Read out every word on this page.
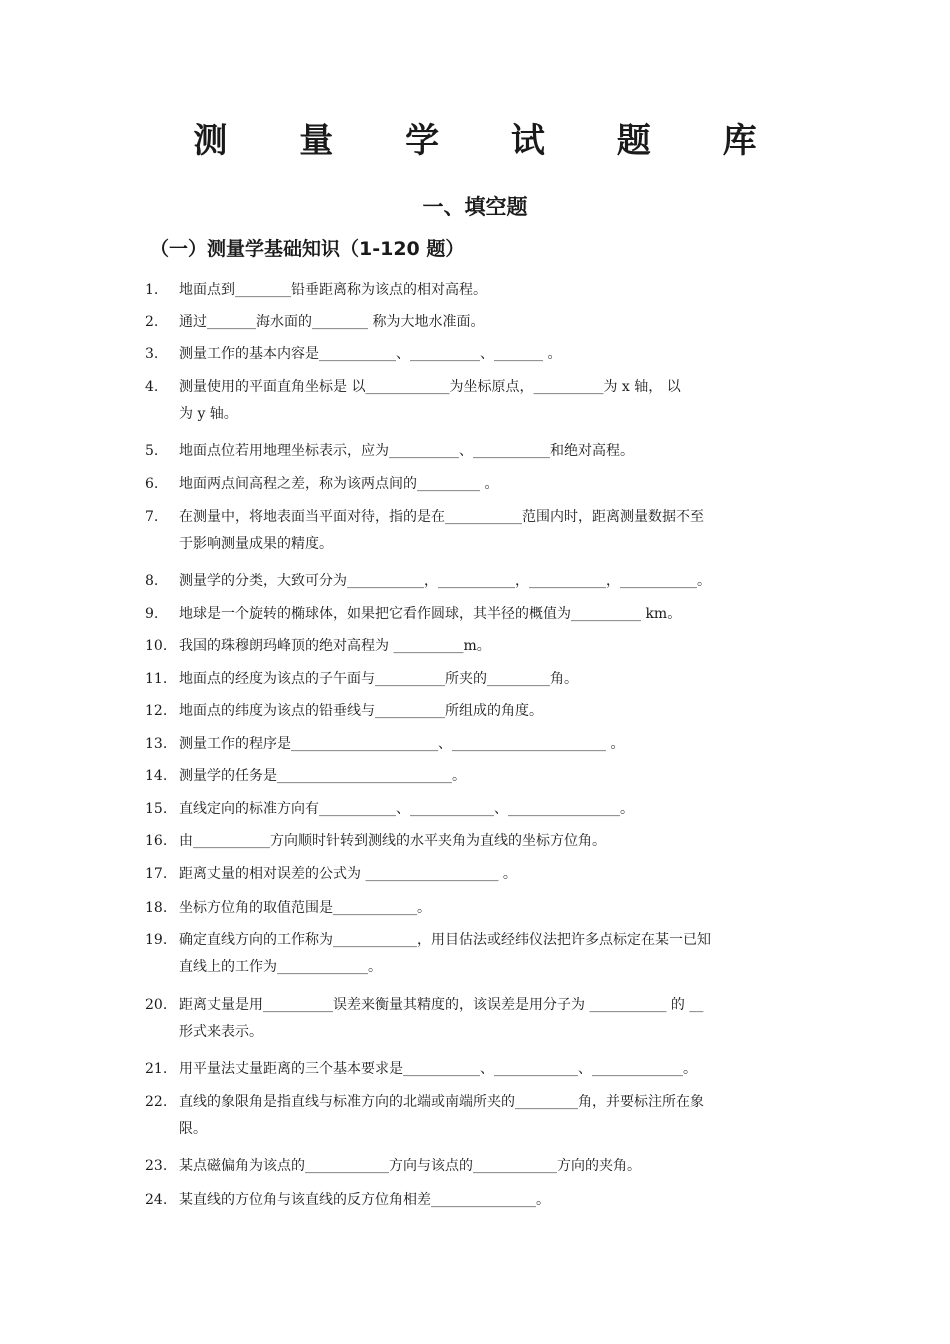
测 量 学 试 题 库
一、填空题
（一）测量学基础知识（1-120 题）
1.	地面点到________铅垂距离称为该点的相对高程。
2.	通过_______海水面的________ 称为大地水准面。
3.	测量工作的基本内容是___________、__________、_______ 。
4.	测量使用的平面直角坐标是 以____________为坐标原点，__________为 x 轴， 以
为 y 轴。
5.	地面点位若用地理坐标表示，应为__________、___________和绝对高程。
6.	地面两点间高程之差，称为该两点间的_________ 。
7.	在测量中，将地表面当平面对待，指的是在___________范围内时，距离测量数据不至
于影响测量成果的精度。
8.	测量学的分类，大致可分为___________，___________，___________，___________。
9.	地球是一个旋转的椭球体，如果把它看作圆球，其半径的概值为__________ km。
10. 我国的珠穆朗玛峰顶的绝对高程为 __________m。
11. 地面点的经度为该点的子午面与__________所夹的_________角。
12. 地面点的纬度为该点的铅垂线与__________所组成的角度。
13. 测量工作的程序是_____________________、______________________ 。
14. 测量学的任务是_________________________。
15. 直线定向的标准方向有___________、____________、________________。
16. 由___________方向顺时针转到测线的水平夹角为直线的坐标方位角。
17. 距离丈量的相对误差的公式为 ___________________ 。
18. 坐标方位角的取值范围是____________。
19. 确定直线方向的工作称为____________，用目估法或经纬仪法把许多点标定在某一已知
直线上的工作为_____________。
20. 距离丈量是用__________误差来衡量其精度的，该误差是用分子为 ___________ 的 __
形式来表示。
21. 用平量法丈量距离的三个基本要求是___________、____________、_____________。
22. 直线的象限角是指直线与标准方向的北端或南端所夹的_________角，并要标注所在象
限。
23. 某点磁偏角为该点的____________方向与该点的____________方向的夹角。
24. 某直线的方位角与该直线的反方位角相差_______________。
